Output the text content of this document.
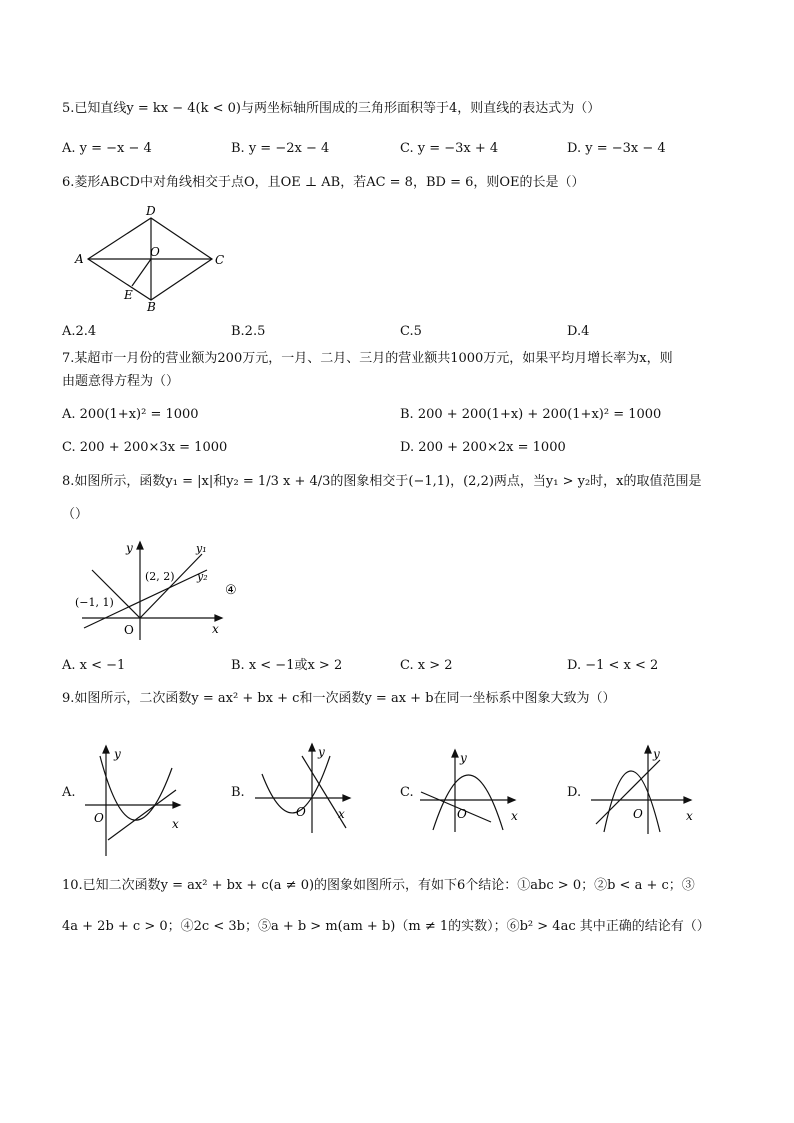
5.已知直线y = kx − 4(k < 0)与两坐标轴所围成的三角形面积等于4，则直线的表达式为（）
A. y = −x − 4	B. y = −2x − 4	C. y = −3x + 4	D. y = −3x − 4
6.菱形ABCD中对角线相交于点O，且OE ⊥ AB，若AC = 8，BD = 6，则OE的长是（）
A
D
C
B
O
E
A.2.4	B.2.5	C.5	D.4
7.某超市一月份的营业额为200万元，一月、二月、三月的营业额共1000万元，如果平均月增长率为x，则
由题意得方程为（）
A. 200(1+x)² = 1000	B. 200 + 200(1+x) + 200(1+x)² = 1000
C. 200 + 200×3x = 1000	D. 200 + 200×2x = 1000
8.如图所示，函数y₁ = |x|和y₂ = 1/3 x + 4/3的图象相交于(−1,1)，(2,2)两点，当y₁ > y₂时，x的取值范围是
（）
y
x
O
y₁
y₂
(−1, 1)
(2, 2)
④
A. x < −1	B. x < −1或x > 2	C. x > 2	D. −1 < x < 2
9.如图所示，二次函数y = ax² + bx + c和一次函数y = ax + b在同一坐标系中图象大致为（）
A.
y
x
O
B.
y
x
O
C.
y
x
O
D.
y
x
O
10.已知二次函数y = ax² + bx + c(a ≠ 0)的图象如图所示，有如下6个结论：①abc > 0；②b < a + c；③
4a + 2b + c > 0；④2c < 3b；⑤a + b > m(am + b)（m ≠ 1的实数）；⑥b² > 4ac 其中正确的结论有（）
